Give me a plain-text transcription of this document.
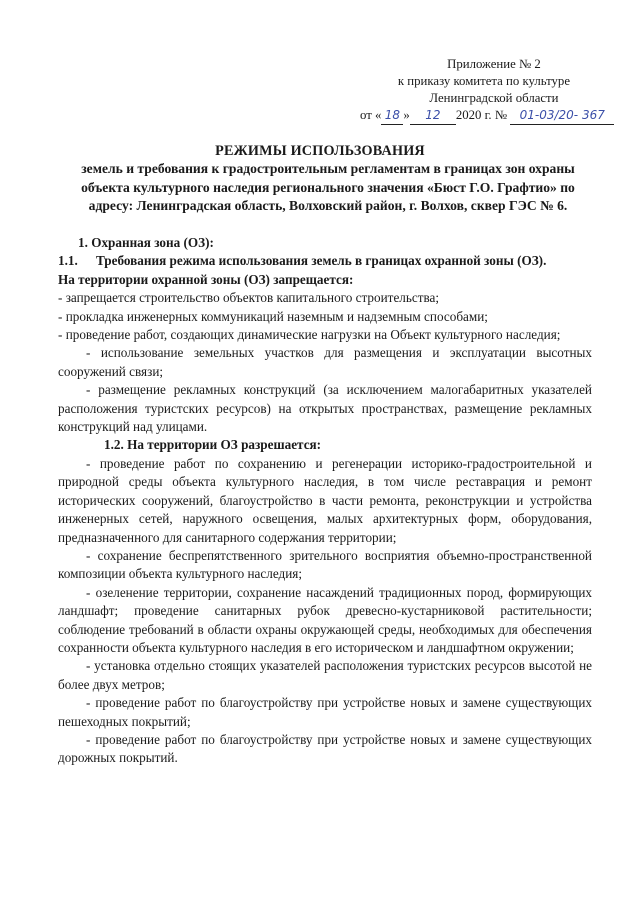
Приложение № 2
к приказу комитета по культуре
Ленинградской области
от « 18 » 12 2020 г. № 01-03/20- 367
РЕЖИМЫ ИСПОЛЬЗОВАНИЯ
земель и требования к градостроительным регламентам в границах зон охраны объекта культурного наследия регионального значения «Бюст Г.О. Графтио» по адресу: Ленинградская область, Волховский район, г. Волхов, сквер ГЭС № 6.

1. Охранная зона (ОЗ):

1.1.	Требования режима использования земель в границах охранной зоны (ОЗ).

На территории охранной зоны (ОЗ) запрещается:

- запрещается строительство объектов капитального строительства;

- прокладка инженерных коммуникаций наземным и надземным способами;

- проведение работ, создающих динамические нагрузки на Объект культурного наследия;

- использование земельных участков для размещения и эксплуатации высотных сооружений связи;

- размещение рекламных конструкций (за исключением малогабаритных указателей расположения туристских ресурсов) на открытых пространствах, размещение рекламных конструкций над улицами.

1.2. На территории ОЗ разрешается:

- проведение работ по сохранению и регенерации историко-градостроительной и природной среды объекта культурного наследия, в том числе реставрация и ремонт исторических сооружений, благоустройство в части ремонта, реконструкции и устройства инженерных сетей, наружного освещения, малых архитектурных форм, оборудования, предназначенного для санитарного содержания территории;

- сохранение беспрепятственного зрительного восприятия объемно-пространственной композиции объекта культурного наследия;

- озеленение территории, сохранение насаждений традиционных пород, формирующих ландшафт; проведение санитарных рубок древесно-кустарниковой растительности; соблюдение требований в области охраны окружающей среды, необходимых для обеспечения сохранности объекта культурного наследия в его историческом и ландшафтном окружении;

- установка отдельно стоящих указателей расположения туристских ресурсов высотой не более двух метров;

- проведение работ по благоустройству при устройстве новых и замене существующих пешеходных покрытий;

- проведение работ по благоустройству при устройстве новых и замене существующих дорожных покрытий.
